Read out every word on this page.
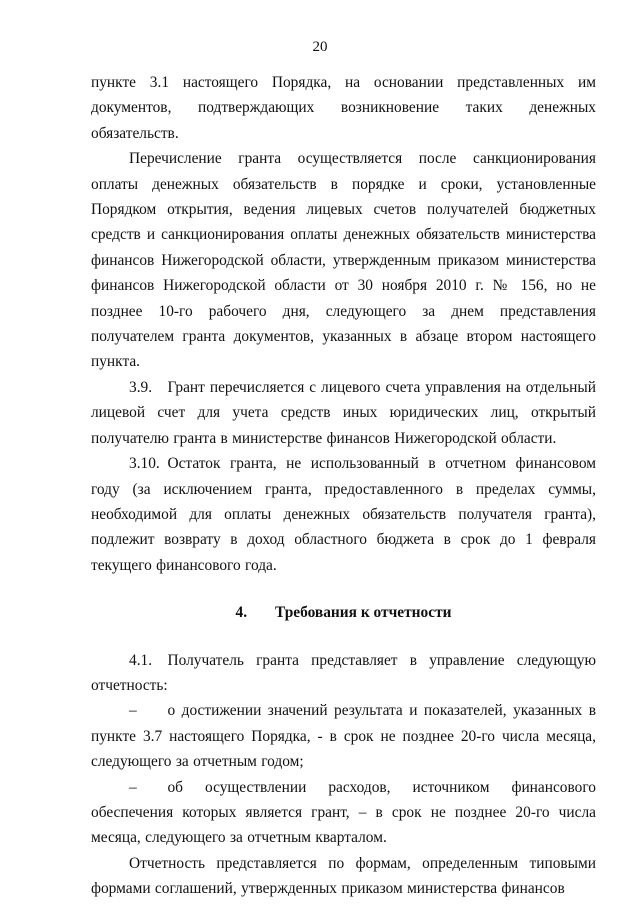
20

пункте 3.1 настоящего Порядка, на основании представленных им документов, подтверждающих возникновение таких денежных обязательств.

Перечисление гранта осуществляется после санкционирования оплаты денежных обязательств в порядке и сроки, установленные Порядком открытия, ведения лицевых счетов получателей бюджетных средств и санкционирования оплаты денежных обязательств министерства финансов Нижегородской области, утвержденным приказом министерства финансов Нижегородской области от 30 ноября 2010 г. № 156, но не позднее 10-го рабочего дня, следующего за днем представления получателем гранта документов, указанных в абзаце втором настоящего пункта.

3.9. Грант перечисляется с лицевого счета управления на отдельный лицевой счет для учета средств иных юридических лиц, открытый получателю гранта в министерстве финансов Нижегородской области.

3.10. Остаток гранта, не использованный в отчетном финансовом году (за исключением гранта, предоставленного в пределах суммы, необходимой для оплаты денежных обязательств получателя гранта), подлежит возврату в доход областного бюджета в срок до 1 февраля текущего финансового года.

4. Требования к отчетности

4.1. Получатель гранта представляет в управление следующую отчетность:

–  о достижении значений результата и показателей, указанных в пункте 3.7 настоящего Порядка, - в срок не позднее 20-го числа месяца, следующего за отчетным годом;

–  об осуществлении расходов, источником финансового обеспечения которых является грант, – в срок не позднее 20-го числа месяца, следующего за отчетным кварталом.

Отчетность представляется по формам, определенным типовыми формами соглашений, утвержденных приказом министерства финансов
